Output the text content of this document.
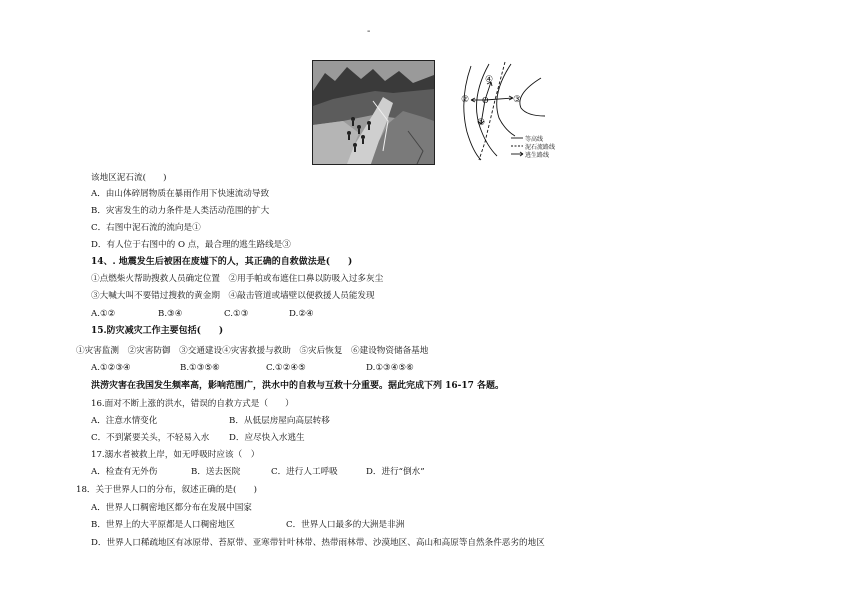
-
①
②	③
④
O
等高线
泥石流路线
逃生路线
该地区泥石流(　　)
A．由山体碎屑物质在暴雨作用下快速流动导致
B．灾害发生的动力条件是人类活动范围的扩大
C．右图中泥石流的流向是①
D．有人位于右图中的 O 点，最合理的逃生路线是③
14、. 地震发生后被困在废墟下的人，其正确的自救做法是(　　)
①点燃柴火帮助搜救人员确定位置　②用手帕或布遮住口鼻以防吸入过多灰尘
③大喊大叫不要错过搜救的黄金期　④敲击管道或墙壁以便救援人员能发现
A.①②	B.③④	C.①③	D.②④
15.防灾减灾工作主要包括(　　)
①灾害监测　②灾害防御　③交通建设④灾害救援与救助　⑤灾后恢复　⑥建设物资储备基地
A.①②③④	B.①③⑤⑥	C.①②④⑤	D.①③④⑤⑥
洪涝灾害在我国发生频率高，影响范围广，洪水中的自救与互救十分重要。据此完成下列 16-17 各题。
16.面对不断上涨的洪水，错误的自救方式是（　　）
A．注意水情变化	B．从低层房屋向高层转移
C．不到紧要关头，不轻易入水 D．应尽快入水逃生
17.溺水者被救上岸，如无呼吸时应该（　）
A．检查有无外伤	B．送去医院	C．进行人工呼吸	D．进行“倒水”
18．关于世界人口的分布，叙述正确的是(　　)
A．世界人口稠密地区都分布在发展中国家
B．世界上的大平原都是人口稠密地区	C．世界人口最多的大洲是非洲
D．世界人口稀疏地区有冰原带、苔原带、亚寒带针叶林带、热带雨林带、沙漠地区、高山和高原等自然条件恶劣的地区
